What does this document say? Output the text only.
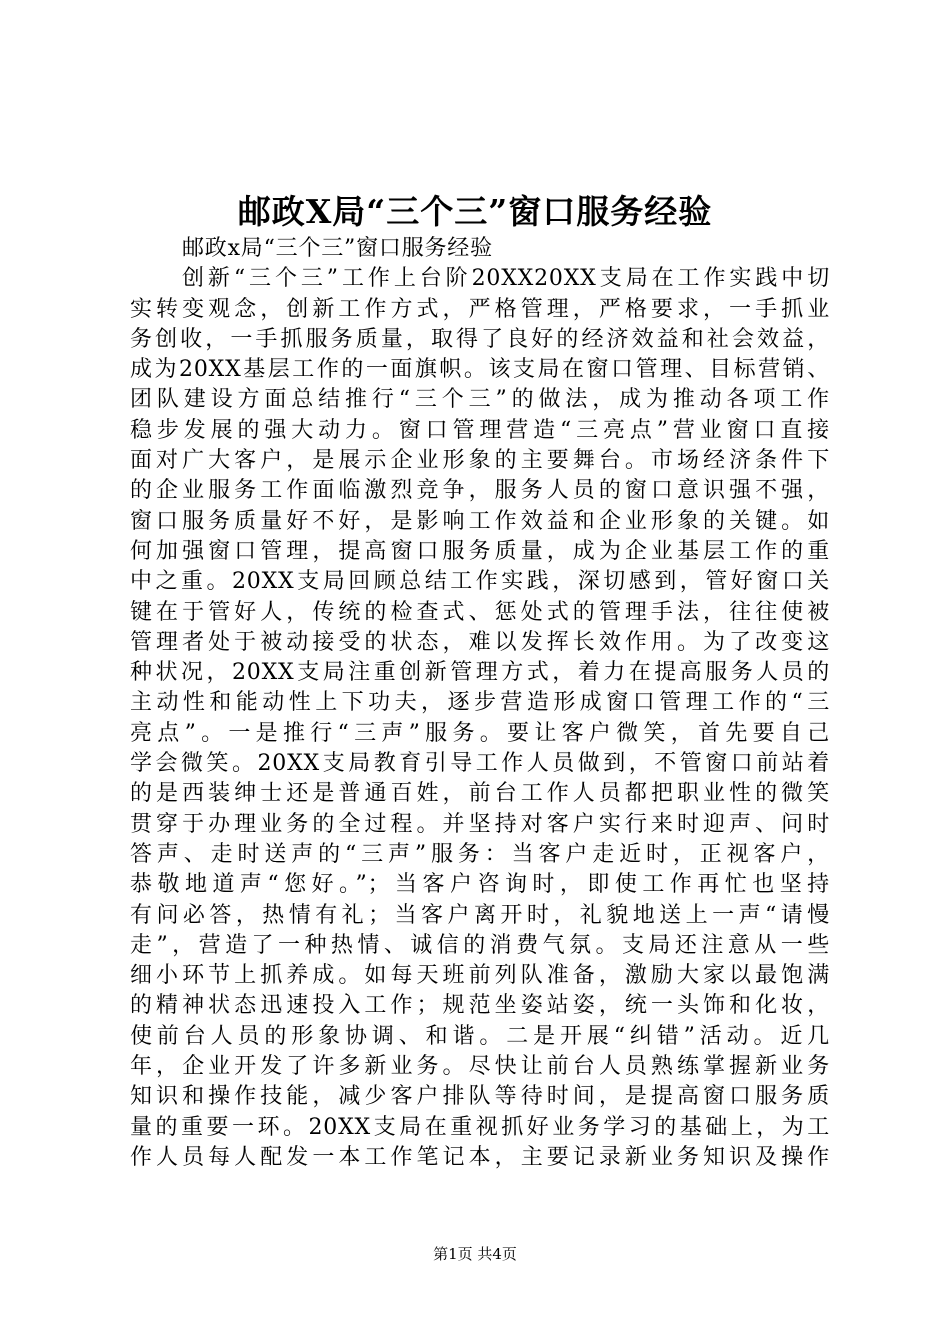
邮政X局“三个三”窗口服务经验
邮政x局“三个三”窗口服务经验
创新“三个三”工作上台阶20XX20XX支局在工作实践中切
实转变观念，创新工作方式，严格管理，严格要求，一手抓业
务创收，一手抓服务质量，取得了良好的经济效益和社会效益，
成为20XX基层工作的一面旗帜。该支局在窗口管理、目标营销、
团队建设方面总结推行“三个三”的做法，成为推动各项工作
稳步发展的强大动力。窗口管理营造“三亮点”营业窗口直接
面对广大客户，是展示企业形象的主要舞台。市场经济条件下
的企业服务工作面临激烈竞争，服务人员的窗口意识强不强，
窗口服务质量好不好，是影响工作效益和企业形象的关键。如
何加强窗口管理，提高窗口服务质量，成为企业基层工作的重
中之重。20XX支局回顾总结工作实践，深切感到，管好窗口关
键在于管好人，传统的检查式、惩处式的管理手法，往往使被
管理者处于被动接受的状态，难以发挥长效作用。为了改变这
种状况，20XX支局注重创新管理方式，着力在提高服务人员的
主动性和能动性上下功夫，逐步营造形成窗口管理工作的“三
亮点”。一是推行“三声”服务。要让客户微笑，首先要自己
学会微笑。20XX支局教育引导工作人员做到，不管窗口前站着
的是西装绅士还是普通百姓，前台工作人员都把职业性的微笑
贯穿于办理业务的全过程。并坚持对客户实行来时迎声、问时
答声、走时送声的“三声”服务：当客户走近时，正视客户，
恭敬地道声“您好。”；当客户咨询时，即使工作再忙也坚持
有问必答，热情有礼；当客户离开时，礼貌地送上一声“请慢
走”，营造了一种热情、诚信的消费气氛。支局还注意从一些
细小环节上抓养成。如每天班前列队准备，激励大家以最饱满
的精神状态迅速投入工作；规范坐姿站姿，统一头饰和化妆，
使前台人员的形象协调、和谐。二是开展“纠错”活动。近几
年，企业开发了许多新业务。尽快让前台人员熟练掌握新业务
知识和操作技能，减少客户排队等待时间，是提高窗口服务质
量的重要一环。20XX支局在重视抓好业务学习的基础上，为工
作人员每人配发一本工作笔记本，主要记录新业务知识及操作
第1页 共4页
